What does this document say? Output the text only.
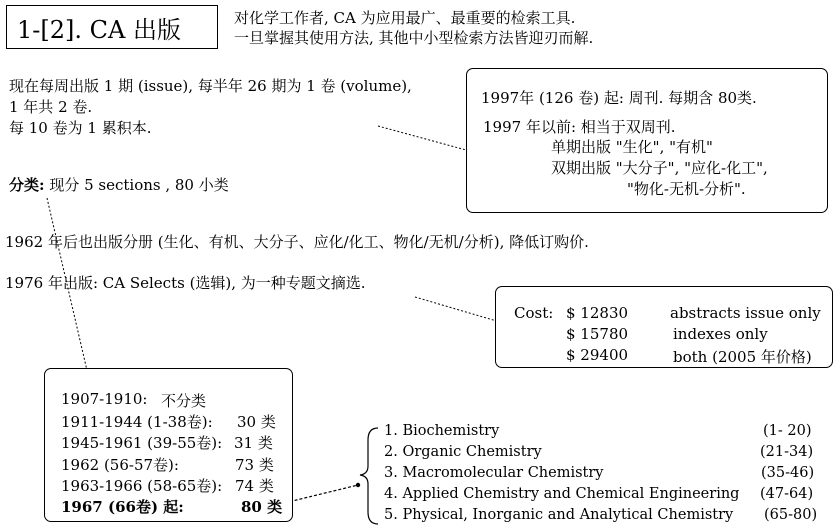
1-[2]. CA 出版	对化学工作者, CA 为应用最广、最重要的检索工具.
一旦掌握其使用方法, 其他中小型检索方法皆迎刃而解.
现在每周出版 1 期 (issue), 每半年 26 期为 1 卷 (volume),
1 年共 2 卷.
每 10 卷为 1 累积本.
1997年 (126 卷) 起: 周刊. 每期含 80类.
1997 年以前: 相当于双周刊.
单期出版 "生化", "有机"
双期出版 "大分子", "应化-化工",
"物化-无机-分析".
分类: 现分 5 sections , 80 小类
1962 年后也出版分册 (生化、有机、大分子、应化/化工、物化/无机/分析), 降低订购价.
1976 年出版: CA Selects (选辑), 为一种专题文摘选.
Cost: $ 12830	abstracts issue only
$ 15780	indexes only
$ 29400	both (2005 年价格)
1907-1910: 不分类
1911-1944 (1-38卷): 30 类
1945-1961 (39-55卷): 31 类
1962 (56-57卷):	73 类
1963-1966 (58-65卷): 74 类
1967 (66卷) 起:	80 类
1. Biochemistry	(1- 20)
2. Organic Chemistry	(21-34)
3. Macromolecular Chemistry	(35-46)
4. Applied Chemistry and Chemical Engineering (47-64)
5. Physical, Inorganic and Analytical Chemistry (65-80)
